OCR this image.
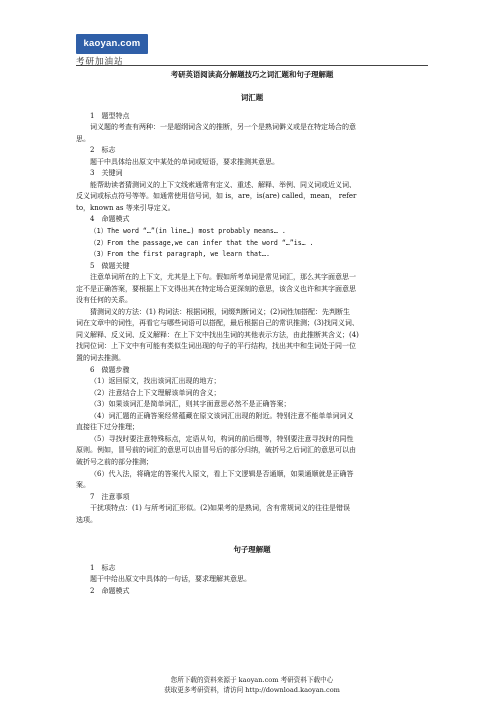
kaoyan.com
考研加油站
考研英语阅读高分解题技巧之词汇题和句子理解题

词汇题

1　题型特点

词义题的考查有两种：一是超纲词含义的推断，另一个是熟词僻义或是在特定场合的意

思。

2　标志

题干中具体给出原文中某处的单词或短语，要求推测其意思。

3　关键词

能帮助读者猜测词义的上下文线索通常有定义、重述、解释、举例、同义词或近义词、

反义词或标点符号等等。如通常使用信号词，如 is，are，is(are) called，mean， refer

to，known as 等来引导定义。

4　命题模式

（1）The word “…”(in line…) most probably means… .

（2）From the passage,we can infer that the word “…”is… .

（3）From the first paragraph, we learn that….

5　做题关键

注意单词所在的上下文，尤其是上下句。假如所考单词是常见词汇，那么其字面意思一

定不是正确答案，要根据上下文得出其在特定场合更深刻的意思，该含义也许和其字面意思

没有任何的关系。

猜测词义的方法：(1) 构词法：根据词根，词缀判断词义；(2)词性加搭配：先判断生

词在文章中的词性，再看它与哪些词语可以搭配，最后根据自己的常识推测；(3)找同义词、

同义解释、反义词、反义解释：在上下文中找出生词的其他表示方法，由此推断其含义；(4)

找同位词：上下文中有可能有类似生词出现的句子的平行结构，找出其中和生词处于同一位

置的词去推测。

6　做题步骤

（1）返回原文，找出该词汇出现的地方；

（2）注意结合上下文理解该单词的含义；

（3）如果该词汇是简单词汇，则其字面意思必然不是正确答案；

（4）词汇题的正确答案经常蕴藏在原文该词汇出现的附近。特别注意不能单单词词义

直接往下过分推理；

（5）寻找时要注意特殊标点，定语从句，构词的前后缀等，特别要注意寻找时的同性

原则。例如，冒号前的词汇的意思可以由冒号后的部分归纳，破折号之后词汇的意思可以由

破折号之前的部分推测；

（6）代入法，将确定的答案代入原文，看上下文逻辑是否通顺，如果通顺就是正确答

案。

7　注意事项

干扰项特点：(1) 与所考词汇形似。(2)如果考的是熟词，含有常规词义的往往是错误

选项。

句子理解题

1　标志

题干中给出原文中具体的一句话，要求理解其意思。

2　命题模式

您所下载的资料来源于 kaoyan.com 考研资料下载中心
获取更多考研资料，请访问 http://download.kaoyan.com
